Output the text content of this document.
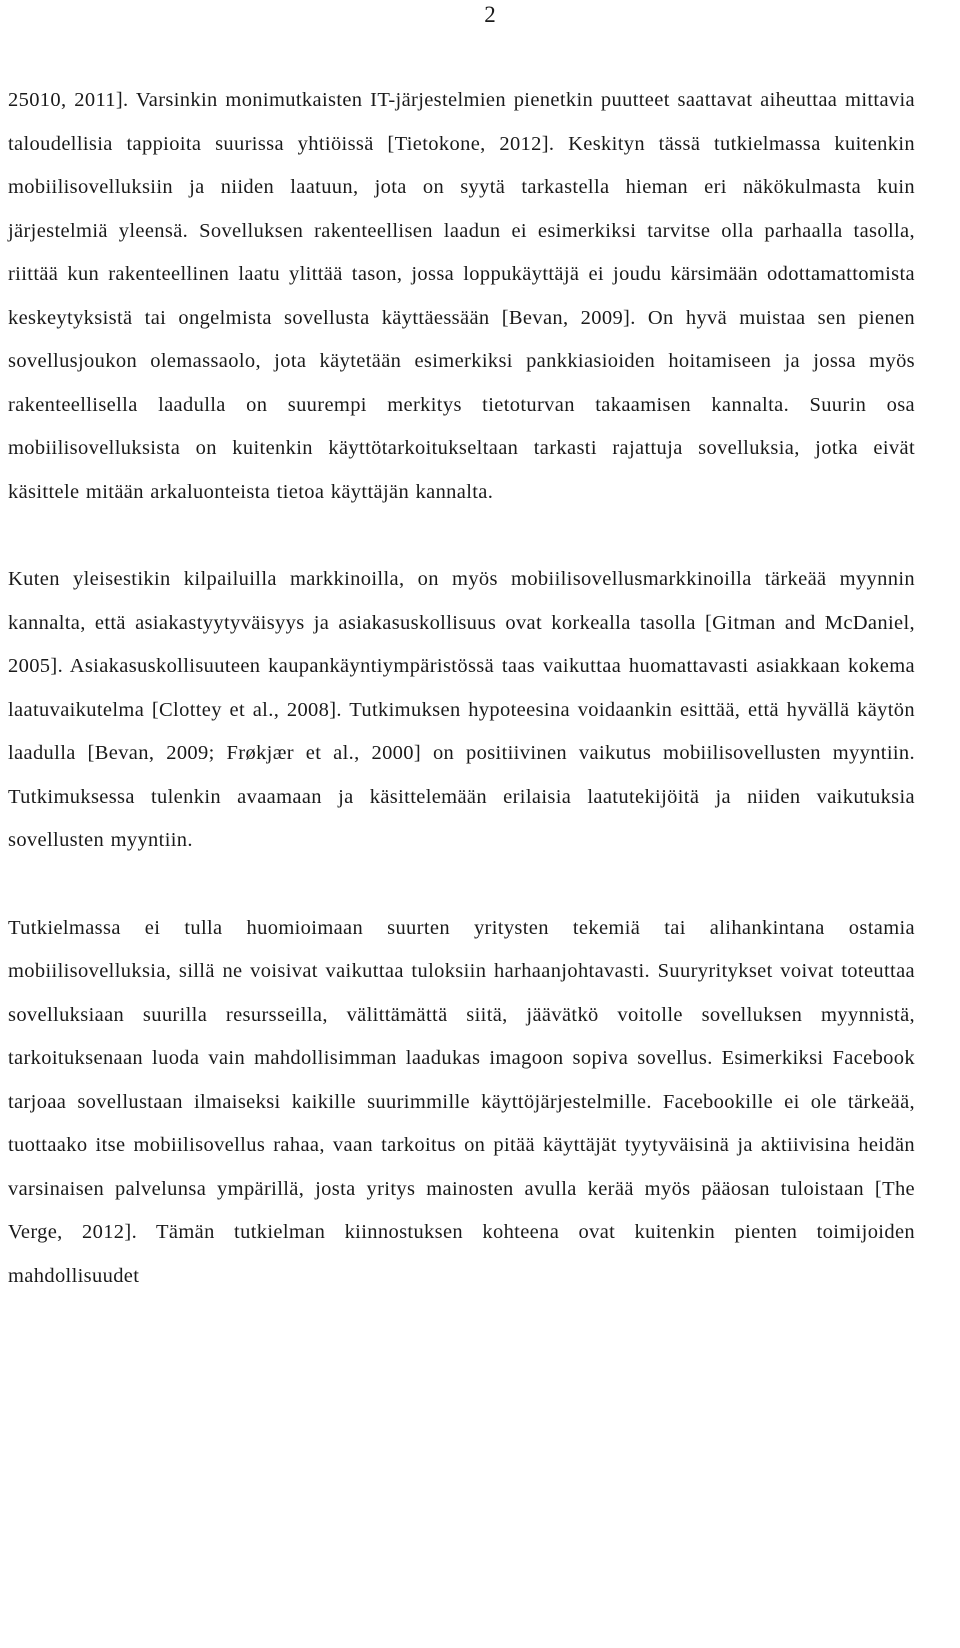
2

25010, 2011]. Varsinkin monimutkaisten IT-järjestelmien pienetkin puutteet saattavat aiheuttaa mittavia taloudellisia tappioita suurissa yhtiöissä [Tietokone, 2012]. Keskityn tässä tutkielmassa kuitenkin mobiilisovelluksiin ja niiden laatuun, jota on syytä tarkastella hieman eri näkökulmasta kuin järjestelmiä yleensä. Sovelluksen rakenteellisen laadun ei esimerkiksi tarvitse olla parhaalla tasolla, riittää kun rakenteellinen laatu ylittää tason, jossa loppukäyttäjä ei joudu kärsimään odottamattomista keskeytyksistä tai ongelmista sovellusta käyttäessään [Bevan, 2009]. On hyvä muistaa sen pienen sovellusjoukon olemassaolo, jota käytetään esimerkiksi pankkiasioiden hoitamiseen ja jossa myös rakenteellisella laadulla on suurempi merkitys tietoturvan takaamisen kannalta. Suurin osa mobiilisovelluksista on kuitenkin käyttötarkoitukseltaan tarkasti rajattuja sovelluksia, jotka eivät käsittele mitään arkaluonteista tietoa käyttäjän kannalta.

Kuten yleisestikin kilpailuilla markkinoilla, on myös mobiilisovellusmarkkinoilla tärkeää myynnin kannalta, että asiakastyytyväisyys ja asiakasuskollisuus ovat korkealla tasolla [Gitman and McDaniel, 2005]. Asiakasuskollisuuteen kaupankäyntiympäristössä taas vaikuttaa huomattavasti asiakkaan kokema laatuvaikutelma [Clottey et al., 2008]. Tutkimuksen hypoteesina voidaankin esittää, että hyvällä käytön laadulla [Bevan, 2009; Frøkjær et al., 2000] on positiivinen vaikutus mobiilisovellusten myyntiin. Tutkimuksessa tulenkin avaamaan ja käsittelemään erilaisia laatutekijöitä ja niiden vaikutuksia sovellusten myyntiin.

Tutkielmassa ei tulla huomioimaan suurten yritysten tekemiä tai alihankintana ostamia mobiilisovelluksia, sillä ne voisivat vaikuttaa tuloksiin harhaanjohtavasti. Suuryritykset voivat toteuttaa sovelluksiaan suurilla resursseilla, välittämättä siitä, jäävätkö voitolle sovelluksen myynnistä, tarkoituksenaan luoda vain mahdollisimman laadukas imagoon sopiva sovellus. Esimerkiksi Facebook tarjoaa sovellustaan ilmaiseksi kaikille suurimmille käyttöjärjestelmille. Facebookille ei ole tärkeää, tuottaako itse mobiilisovellus rahaa, vaan tarkoitus on pitää käyttäjät tyytyväisinä ja aktiivisina heidän varsinaisen palvelunsa ympärillä, josta yritys mainosten avulla kerää myös pääosan tuloistaan [The Verge, 2012]. Tämän tutkielman kiinnostuksen kohteena ovat kuitenkin pienten toimijoiden mahdollisuudet
